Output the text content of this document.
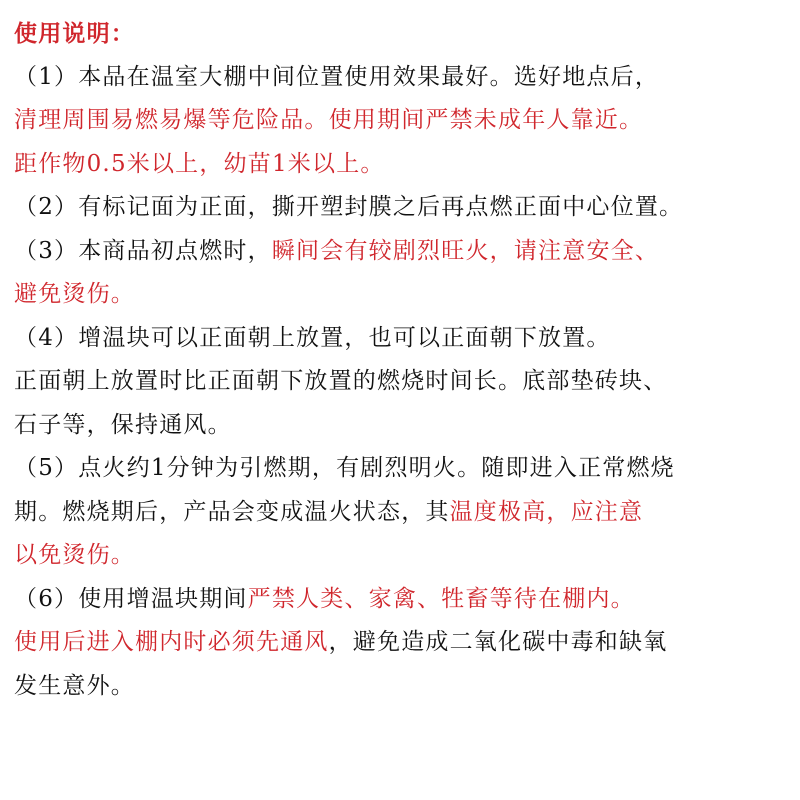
使用说明：
（1）本品在温室大棚中间位置使用效果最好。选好地点后，
清理周围易燃易爆等危险品。使用期间严禁未成年人靠近。
距作物0.5米以上，幼苗1米以上。
（2）有标记面为正面，撕开塑封膜之后再点燃正面中心位置。
（3）本商品初点燃时，瞬间会有较剧烈旺火，请注意安全、
避免烫伤。
（4）增温块可以正面朝上放置，也可以正面朝下放置。
正面朝上放置时比正面朝下放置的燃烧时间长。底部垫砖块、
石子等，保持通风。
（5）点火约1分钟为引燃期，有剧烈明火。随即进入正常燃烧
期。燃烧期后，产品会变成温火状态，其温度极高，应注意
以免烫伤。
（6）使用增温块期间严禁人类、家禽、牲畜等待在棚内。
使用后进入棚内时必须先通风，避免造成二氧化碳中毒和缺氧
发生意外。
